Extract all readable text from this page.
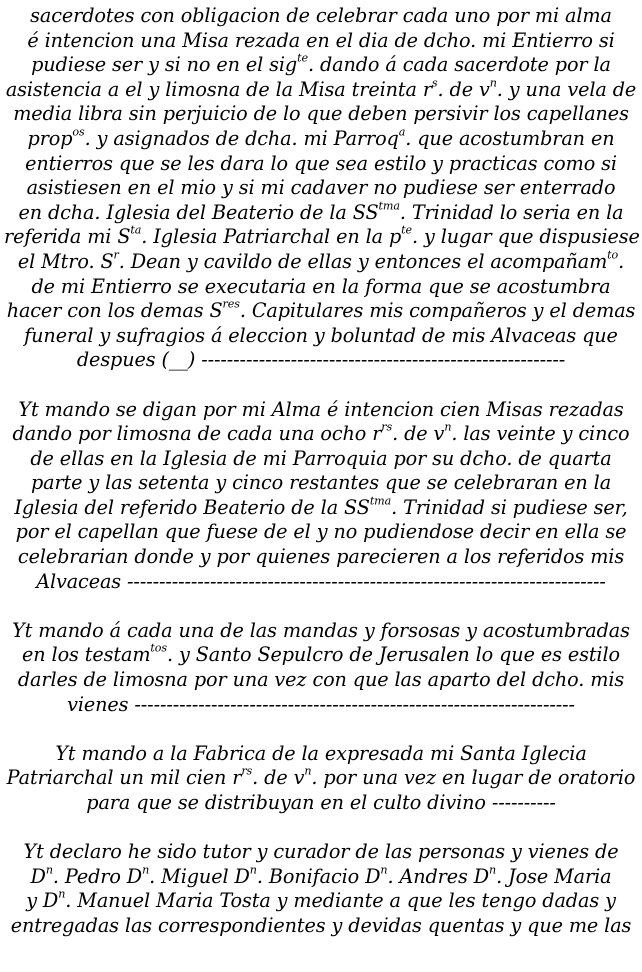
sacerdotes con obligacion de celebrar cada uno por mi alma
é intencion una Misa rezada en el dia de dcho. mi Entierro si
pudiese ser y si no en el sig$^{te}$. dando á cada sacerdote por la
asistencia a el y limosna de la Misa treinta $r^s$. de $v^n$. y una vela de
media libra sin perjuicio de lo que deben persivir los capellanes
prop$^{os}$. y asignados de dcha. mi Parroq$^a$. que acostumbran en
entierros que se les dara lo que sea estilo y practicas como si
asistiesen en el mio y si mi cadaver no pudiese ser enterrado
en dcha. Iglesia del Beaterio de la $SS^{tma}$. Trinidad lo seria en la
referida mi $S^{ta}$. Iglesia Patriarchal en la $p^{te}$. y lugar que dispusiese
el Mtro. $S^r$. Dean y cavildo de ellas y entonces el acompañam$^{to}$.
de mi Entierro se executaria en la forma que se acostumbra
hacer con los demas $S^{res}$. Capitulares mis compañeros y el demas
funeral y sufragios á eleccion y boluntad de mis Alvaceas que
despues (__) ---------------------------------------------------------
Yt mando se digan por mi Alma é intencion cien Misas rezadas
dando por limosna de cada una ocho $r^{rs}$. de $v^n$. las veinte y cinco
de ellas en la Iglesia de mi Parroquia por su dcho. de quarta
parte y las setenta y cinco restantes que se celebraran en la
Iglesia del referido Beaterio de la $SS^{tma}$. Trinidad si pudiese ser,
por el capellan que fuese de el y no pudiendose decir en ella se
celebrarian donde y por quienes parecieren a los referidos mis
Alvaceas ---------------------------------------------------------------------------
Yt mando á cada una de las mandas y forsosas y acostumbradas
en los testam$^{tos}$. y Santo Sepulcro de Jerusalen lo que es estilo
darles de limosna por una vez con que las aparto del dcho. mis
vienes ---------------------------------------------------------------------
Yt mando a la Fabrica de la expresada mi Santa Iglecia
Patriarchal un mil cien $r^{rs}$. de $v^n$. por una vez en lugar de oratorio
para que se distribuyan en el culto divino ----------
Yt declaro he sido tutor y curador de las personas y vienes de
$D^n$. Pedro $D^n$. Miguel $D^n$. Bonifacio $D^n$. Andres $D^n$. Jose Maria
y $D^n$. Manuel Maria Tosta y mediante a que les tengo dadas y
entregadas las correspondientes y devidas quentas y que me las
